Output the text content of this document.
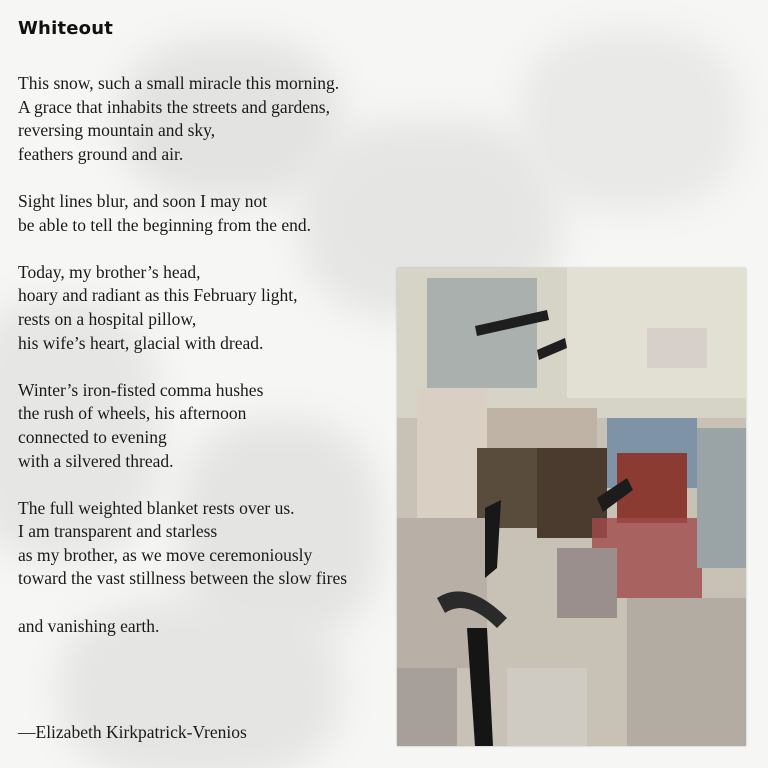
Whiteout
This snow, such a small miracle this morning.
A grace that inhabits the streets and gardens,
reversing mountain and sky,
feathers ground and air.
Sight lines blur, and soon I may not
be able to tell the beginning from the end.
Today, my brother’s head,
hoary and radiant as this February light,
rests on a hospital pillow,
his wife’s heart, glacial with dread.
Winter’s iron-fisted comma hushes
the rush of wheels, his afternoon
connected to evening
with a silvered thread.
The full weighted blanket rests over us.
I am transparent and starless
as my brother, as we move ceremoniously
toward the vast stillness between the slow fires
and vanishing earth.
—Elizabeth Kirkpatrick-Vrenios
